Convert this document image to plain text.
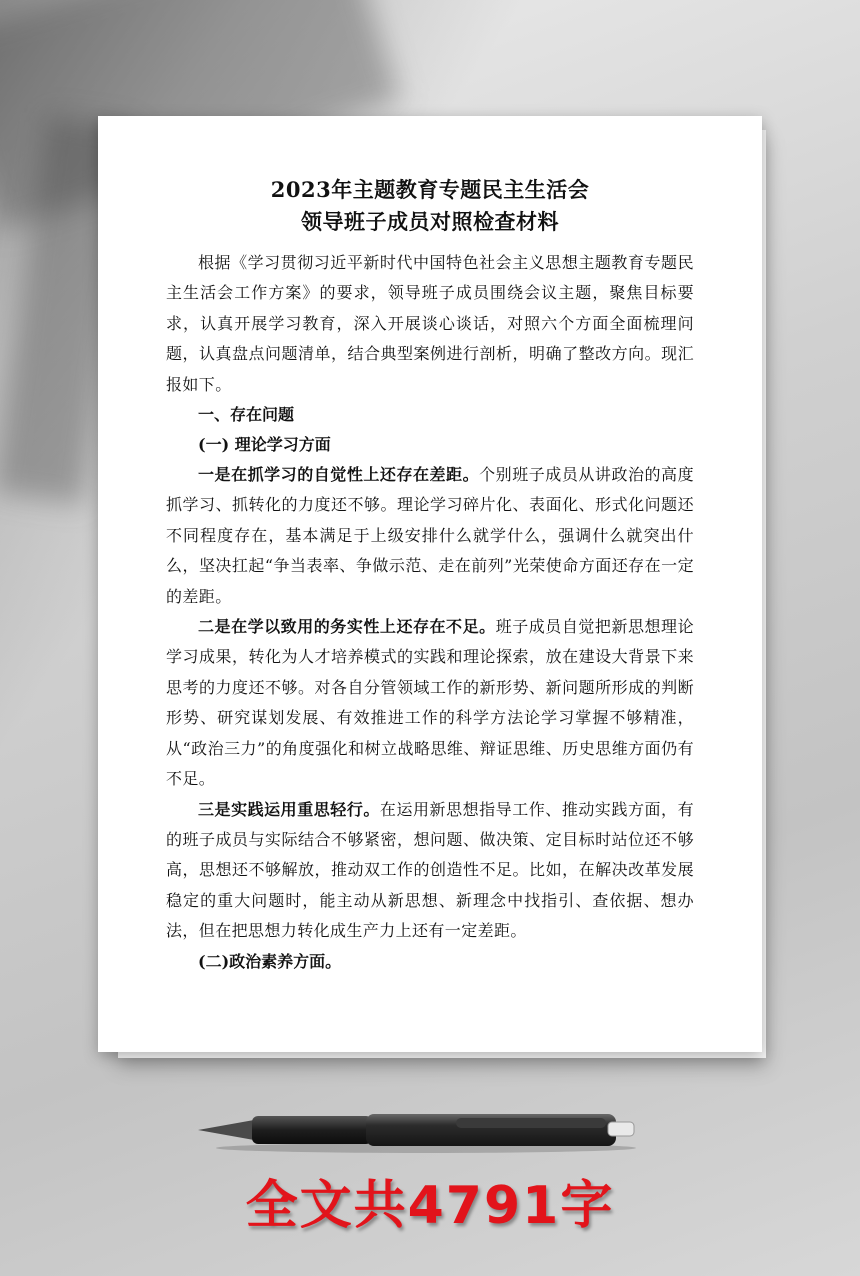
2023年主题教育专题民主生活会

领导班子成员对照检查材料

根据《学习贯彻习近平新时代中国特色社会主义思想主题教育专题民主生活会工作方案》的要求，领导班子成员围绕会议主题，聚焦目标要求，认真开展学习教育，深入开展谈心谈话，对照六个方面全面梳理问题，认真盘点问题清单，结合典型案例进行剖析，明确了整改方向。现汇报如下。

一、存在问题

(一) 理论学习方面

一是在抓学习的自觉性上还存在差距。个别班子成员从讲政治的高度抓学习、抓转化的力度还不够。理论学习碎片化、表面化、形式化问题还不同程度存在，基本满足于上级安排什么就学什么，强调什么就突出什么，坚决扛起“争当表率、争做示范、走在前列”光荣使命方面还存在一定的差距。

二是在学以致用的务实性上还存在不足。班子成员自觉把新思想理论学习成果，转化为人才培养模式的实践和理论探索，放在建设大背景下来思考的力度还不够。对各自分管领域工作的新形势、新问题所形成的判断形势、研究谋划发展、有效推进工作的科学方法论学习掌握不够精准，从“政治三力”的角度强化和树立战略思维、辩证思维、历史思维方面仍有不足。

三是实践运用重思轻行。在运用新思想指导工作、推动实践方面，有的班子成员与实际结合不够紧密，想问题、做决策、定目标时站位还不够高，思想还不够解放，推动双工作的创造性不足。比如，在解决改革发展稳定的重大问题时，能主动从新思想、新理念中找指引、查依据、想办法，但在把思想力转化成生产力上还有一定差距。

(二)政治素养方面。

全文共4791字
